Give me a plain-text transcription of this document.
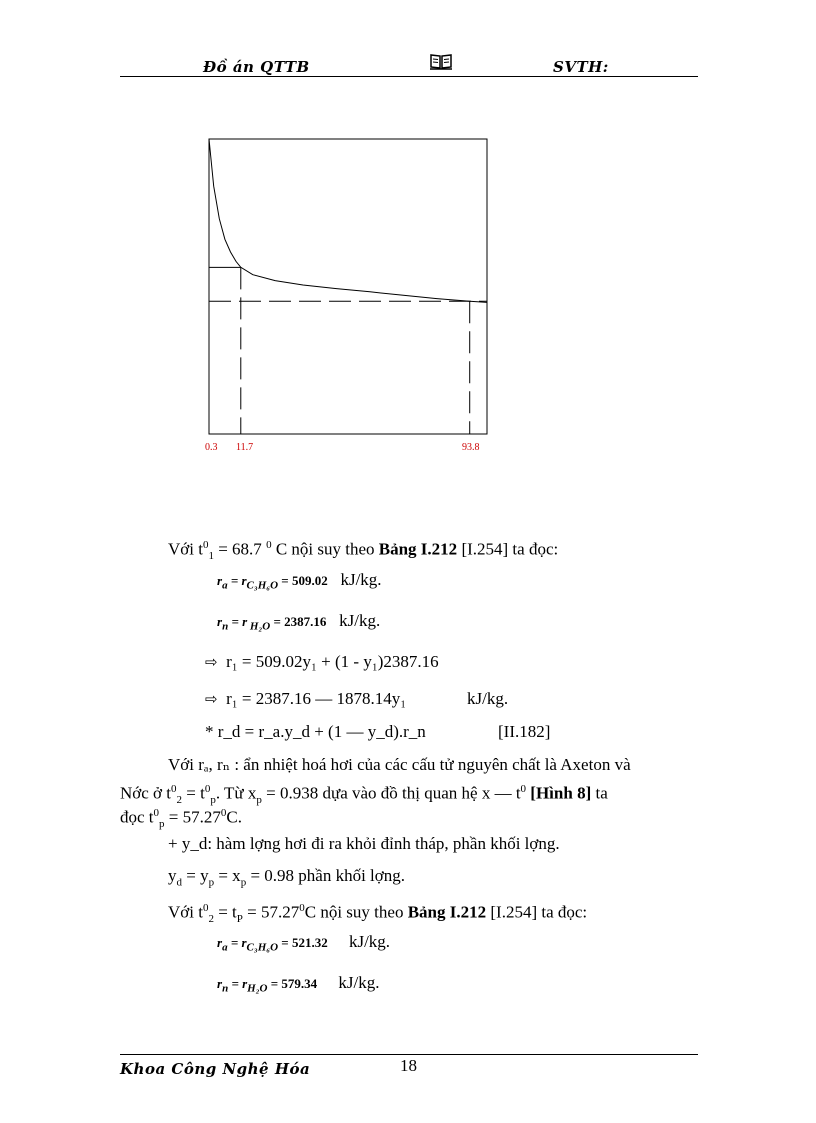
Đồ án QTTB	SVTH:
0.3 11.7	93.8
Với $t^0_1 = 68.7$ $^0$ C nội suy theo Bảng I.212 [I.254] ta đọc:
$r_a = r_{C_3H_6O} = 509.02$ kJ/kg.
$r_n = r$ $_{H_2O}$ = 2387.16 kJ/kg.
⇨ r₁ = 509.02y₁ + (1 - y₁)2387.16
⇨ r₁ = 2387.16 — 1878.14y₁	kJ/kg.
* r_d = r_a.y_d + (1 — y_d).r_n	[II.182]
Với rₐ, rₙ : ẩn nhiệt hoá hơi của các cấu tử nguyên chất là Axeton và
Nớc ở $t^0_2 = t^0_p$. Từ $x_p = 0.938$ dựa vào đồ thị quan hệ x — $t^0$ [Hình 8] ta
đọc $t^0_p = 57.27^0C$.
+ y_d: hàm lợng hơi đi ra khỏi đỉnh tháp, phần khối lợng.
$y_d = y_p = x_p = 0.98$ phần khối lợng.
Với $t^0_2 = t_P = 57.27^0C$ nội suy theo Bảng I.212 [I.254] ta đọc:
$r_a = r_{C_3H_6O} = 521.32$ kJ/kg.
$r_n = r_{H_2O} = 579.34$ kJ/kg.
Khoa Công Nghệ Hóa	18
